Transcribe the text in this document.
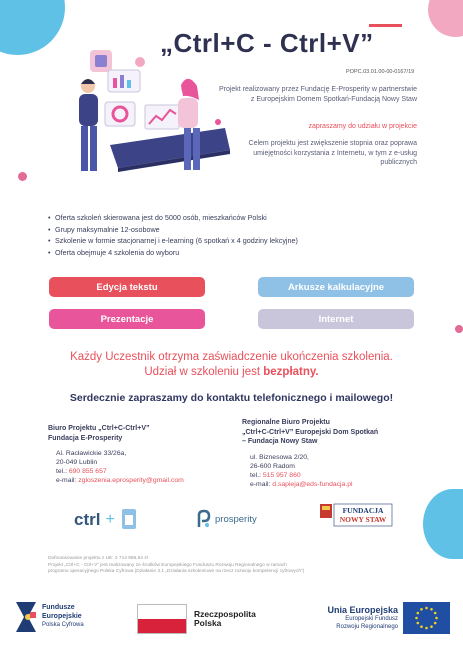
„Ctrl+C - Ctrl+V”
POPC.03.01.00-00-0167/19
Projekt realizowany przez Fundację E-Prosperity w partnerstwie z Europejskim Domem Spotkań-Fundacją Nowy Staw
zapraszamy do udziału w projekcie
Celem projektu jest zwiększenie stopnia oraz poprawa umiejętności korzystania z Internetu, w tym z e-usług publicznych
• Oferta szkoleń skierowana jest do 5000 osób, mieszkańców Polski
• Grupy maksymalnie 12-osobowe
• Szkolenie w formie stacjonarnej i e-learning (6 spotkań x 4 godziny lekcyjne)
• Oferta obejmuje 4 szkolenia do wyboru
Edycja tekstu	Arkusze kalkulacyjne
Prezentacje	Internet
Każdy Uczestnik otrzyma zaświadczenie ukończenia szkolenia.
Udział w szkoleniu jest bezpłatny.
Serdecznie zapraszamy do kontaktu telefonicznego i mailowego!
Biuro Projektu „Ctrl+C-Ctrl+V”
Fundacja E-Prosperity
Al. Racławickie 33/26a,
20-049 Lublin
tel.: 690 855 657
e-mail: zgloszenia.eprosperity@gmail.com
Regionalne Biuro Projektu
„Ctrl+C-Ctrl+V” Europejski Dom Spotkań
– Fundacja Nowy Staw
ul. Biznesowa 2/20,
26-600 Radom
tel.: 515 957 860
e-mail: d.sapieja@eds-fundacja.pl
ctrl +	prosperity
FUNDACJA
NOWY STAW
Dofinansowanie projektu z UE: 2 714 896,54 zł
Projekt „Ctrl+C - Ctrl+V” jest realizowany ze środków Europejskiego Funduszu Rozwoju Regionalnego w ramach
programu operacyjnego Polska Cyfrowa (Działanie 3.1 „Działania szkoleniowe na rzecz rozwoju kompetencji cyfrowych”)
Fundusze
Europejskie
Polska Cyfrowa
Rzeczpospolita
Polska
Unia Europejska
Europejski Fundusz
Rozwoju Regionalnego
